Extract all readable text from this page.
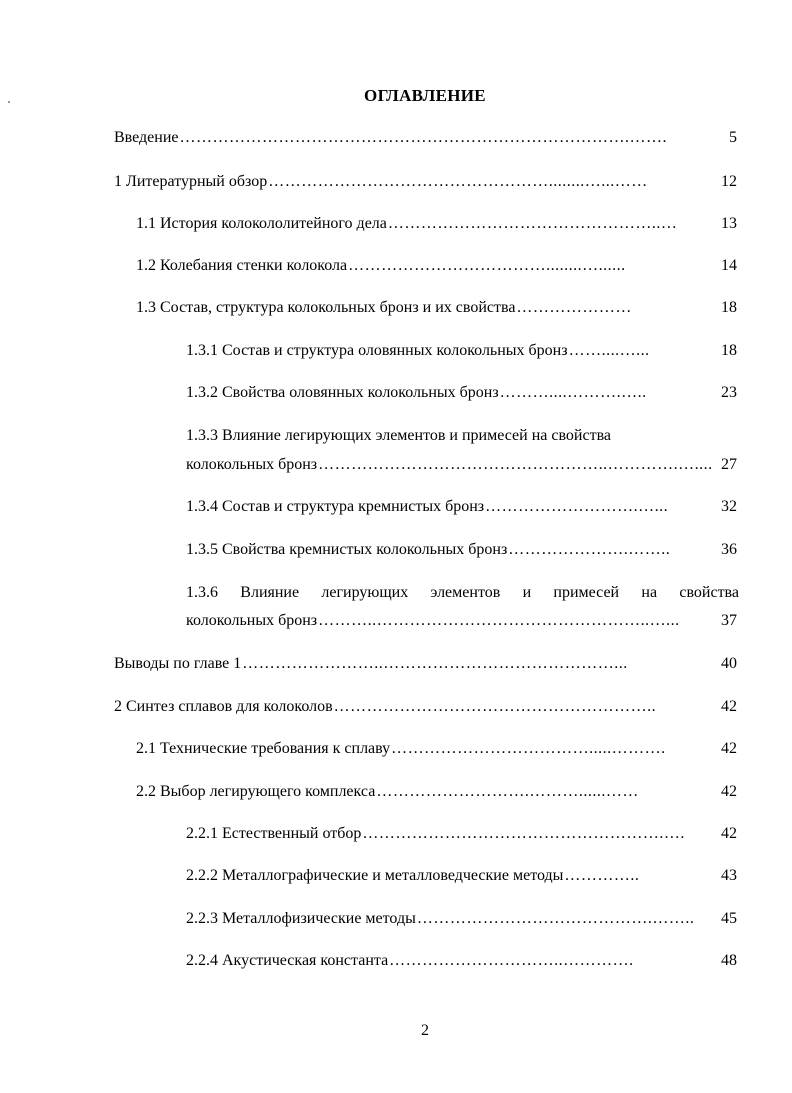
ОГЛАВЛЕНИЕ
Введение ……………………………………………………………………….…….	5
1 Литературный обзор ……………………………………………........…...……	12
1.1 История колокололитейного дела …………………………………………..…	13
1.2 Колебания стенки колокола ………………………………........…......	14
1.3 Состав, структура колокольных бронз и их свойства …………………	18
1.3.1 Состав и структура оловянных колокольных бронз ……....…...	18
1.3.2 Свойства оловянных колокольных бронз ………....……….…..	23
1.3.3 Влияние легирующих элементов и примесей на свойства
колокольных бронз ……………………………………………..………….….... 27
1.3.4 Состав и структура кремнистых бронз ……………………….…...	32
1.3.5 Свойства кремнистых колокольных бронз ………………….……..	36
1.3.6 Влияние легирующих элементов и примесей на свойства
колокольных бронз ………..…………………………………………..…...	37
Выводы по главе 1 ……………………..……………………………………...	40
2 Синтез сплавов для колоколов …………………………………………………..	42
2.1 Технические требования к сплаву ……………………………….....……….	42
2.2 Выбор легирующего комплекса ……………………….………......……	42
2.2.1 Естественный отбор ……………………………………………….….	42
2.2.2 Металлографические и металловедческие методы …………..	43
2.2.3 Металлофизические методы …………………………………….……..	45
2.2.4 Акустическая константа …………………………..………….	48
2
